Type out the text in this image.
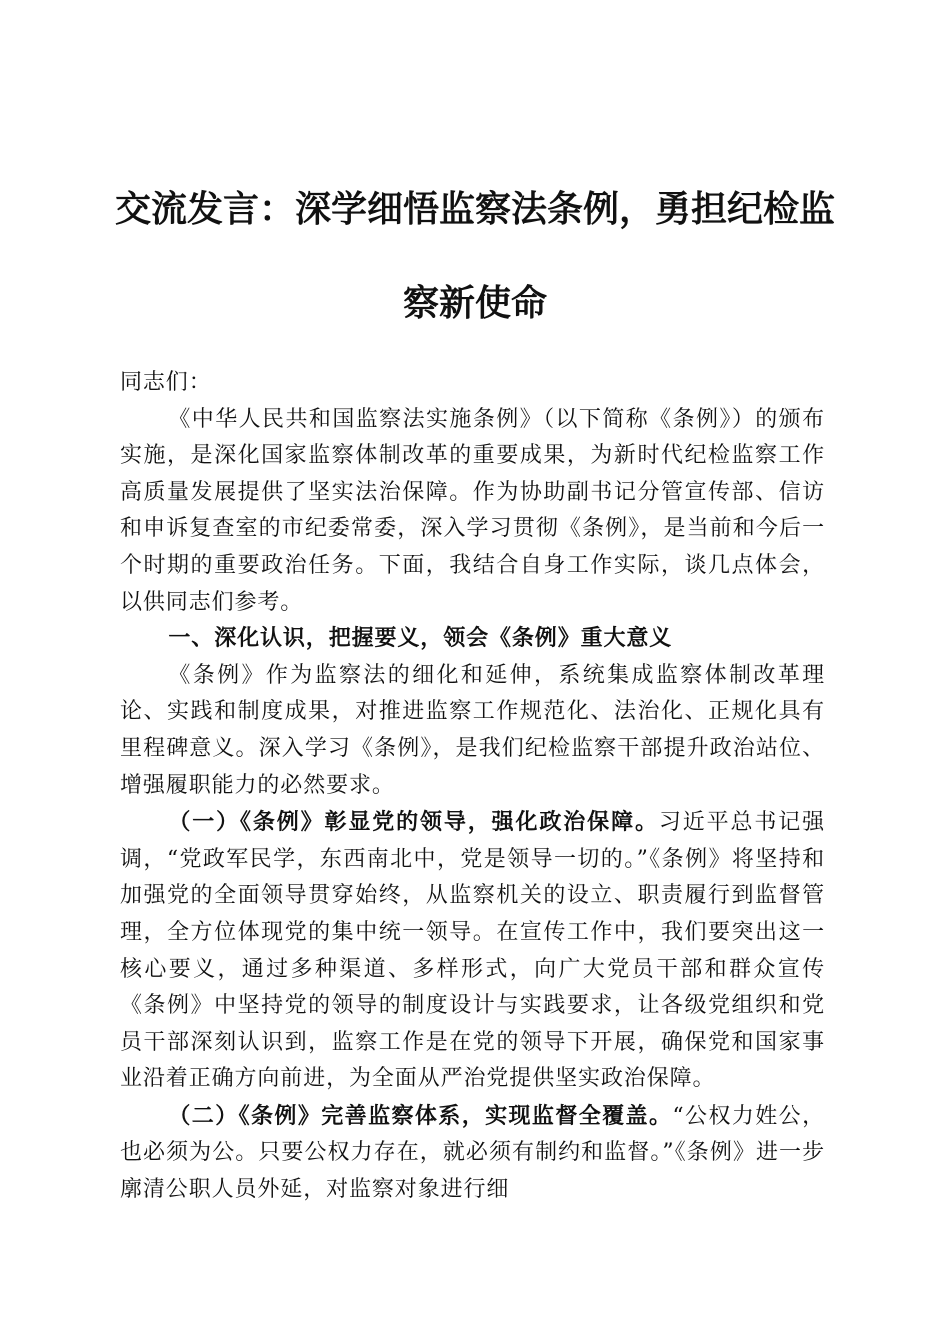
交流发言：深学细悟监察法条例，勇担纪检监
察新使命

同志们：

《中华人民共和国监察法实施条例》（以下简称《条例》）的颁布实施，是深化国家监察体制改革的重要成果，为新时代纪检监察工作高质量发展提供了坚实法治保障。作为协助副书记分管宣传部、信访和申诉复查室的市纪委常委，深入学习贯彻《条例》，是当前和今后一个时期的重要政治任务。下面，我结合自身工作实际，谈几点体会，以供同志们参考。

一、深化认识，把握要义，领会《条例》重大意义

《条例》作为监察法的细化和延伸，系统集成监察体制改革理论、实践和制度成果，对推进监察工作规范化、法治化、正规化具有里程碑意义。深入学习《条例》，是我们纪检监察干部提升政治站位、增强履职能力的必然要求。

（一）《条例》彰显党的领导，强化政治保障。习近平总书记强调，“党政军民学，东西南北中，党是领导一切的。”《条例》将坚持和加强党的全面领导贯穿始终，从监察机关的设立、职责履行到监督管理，全方位体现党的集中统一领导。在宣传工作中，我们要突出这一核心要义，通过多种渠道、多样形式，向广大党员干部和群众宣传《条例》中坚持党的领导的制度设计与实践要求，让各级党组织和党员干部深刻认识到，监察工作是在党的领导下开展，确保党和国家事业沿着正确方向前进，为全面从严治党提供坚实政治保障。

（二）《条例》完善监察体系，实现监督全覆盖。“公权力姓公，也必须为公。只要公权力存在，就必须有制约和监督。”《条例》进一步廓清公职人员外延，对监察对象进行细
